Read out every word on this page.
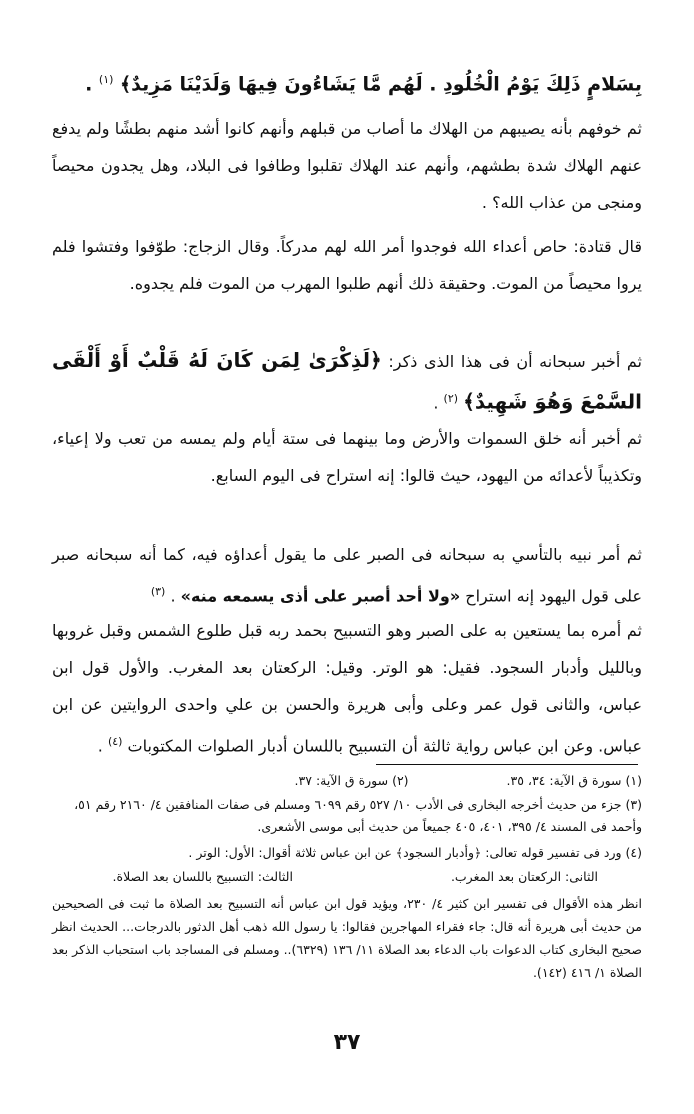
بِسَلامٍ ذَلِكَ يَوْمُ الْخُلُودِ . لَهُم مَّا يَشَاءُونَ فِيهَا وَلَدَيْنَا مَزِيدٌ﴾ $^{(١)}$ .
ثم خوفهم بأنه يصيبهم من الهلاك ما أصاب من قبلهم وأنهم كانوا أشد منهم بطشًا ولم يدفع عنهم الهلاك شدة بطشهم، وأنهم عند الهلاك تقلبوا وطافوا فى البلاد، وهل يجدون محيصاً ومنجى من عذاب الله؟ .
قال قتادة: حاص أعداء الله فوجدوا أمر الله لهم مدركاً. وقال الزجاج: طوّفوا وفتشوا فلم يروا محيصاً من الموت. وحقيقة ذلك أنهم طلبوا المهرب من الموت فلم يجدوه.
ثم أخبر سبحانه أن فى هذا الذى ذكر: ﴿لَذِكْرَىٰ لِمَن كَانَ لَهُ قَلْبٌ أَوْ أَلْقَى السَّمْعَ وَهُوَ شَهِيدٌ﴾ $^{(٢)}$ .
ثم أخبر أنه خلق السموات والأرض وما بينهما فى ستة أيام ولم يمسه من تعب ولا إعياء، وتكذيباً لأعدائه من اليهود، حيث قالوا: إنه استراح فى اليوم السابع.
ثم أمر نبيه بالتأسي به سبحانه فى الصبر على ما يقول أعداؤه فيه، كما أنه سبحانه صبر على قول اليهود إنه استراح «ولا أحد أصبر على أذى يسمعه منه» . $^{(٣)}$
ثم أمره بما يستعين به على الصبر وهو التسبيح بحمد ربه قبل طلوع الشمس وقبل غروبها وبالليل وأدبار السجود. فقيل: هو الوتر. وقيل: الركعتان بعد المغرب. والأول قول ابن عباس، والثانى قول عمر وعلى وأبى هريرة والحسن بن علي واحدى الروايتين عن ابن عباس. وعن ابن عباس رواية ثالثة أن التسبيح باللسان أدبار الصلوات المكتوبات $^{(٤)}$ .
(١) سورة ق الآية: ٣٤، ٣٥.  (٢) سورة ق الآية: ٣٧.
(٣) جزء من حديث أخرجه البخارى فى الأدب ١٠/ ٥٢٧ رقم ٦٠٩٩ ومسلم فى صفات المنافقين ٤/ ٢١٦٠ رقم ٥١، وأحمد فى المسند ٤/ ٣٩٥، ٤٠١، ٤٠٥ جميعاً من حديث أبى موسى الأشعرى.
(٤) ورد فى تفسير قوله تعالى: ﴿وأدبار السجود﴾ عن ابن عباس ثلاثة أقوال: الأول: الوتر .
الثانى: الركعتان بعد المغرب.  الثالث: التسبيح باللسان بعد الصلاة.
انظر هذه الأقوال فى تفسير ابن كثير ٤/ ٢٣٠، ويؤيد قول ابن عباس أنه التسبيح بعد الصلاة ما ثبت فى الصحيحين من حديث أبى هريرة أنه قال: جاء فقراء المهاجرين فقالوا: يا رسول الله ذهب أهل الدثور بالدرجات... الحديث انظر صحيح البخارى كتاب الدعوات باب الدعاء بعد الصلاة ١١/ ١٣٦ (٦٣٢٩).. ومسلم فى المساجد باب استحباب الذكر بعد الصلاة ١/ ٤١٦ (١٤٢).
٣٧
